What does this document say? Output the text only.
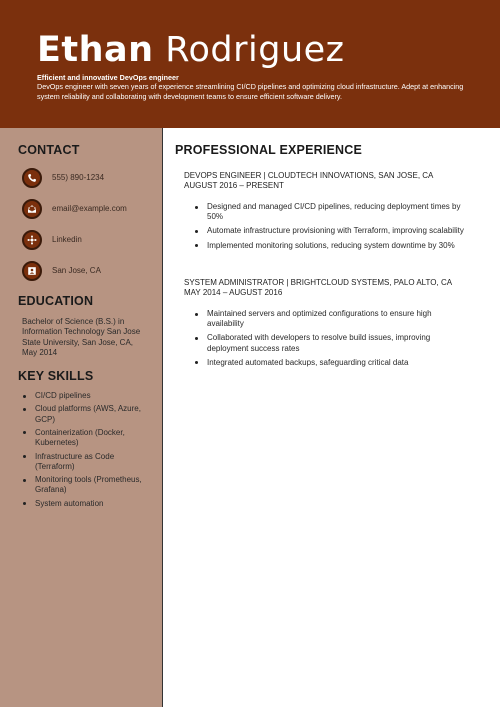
Ethan Rodriguez
Efficient and innovative DevOps engineer
DevOps engineer with seven years of experience streamlining CI/CD pipelines and optimizing cloud infrastructure. Adept at enhancing system reliability and collaborating with development teams to ensure efficient software delivery.
CONTACT
555) 890-1234
email@example.com
Linkedin
San Jose, CA
EDUCATION
Bachelor of Science (B.S.) in Information Technology San Jose State University, San Jose, CA, May 2014
KEY SKILLS
CI/CD pipelines
Cloud platforms (AWS, Azure, GCP)
Containerization (Docker, Kubernetes)
Infrastructure as Code (Terraform)
Monitoring tools (Prometheus, Grafana)
System automation
PROFESSIONAL EXPERIENCE
DEVOPS ENGINEER | CLOUDTECH INNOVATIONS, SAN JOSE, CA
AUGUST 2016 – PRESENT
Designed and managed CI/CD pipelines, reducing deployment times by 50%
Automate infrastructure provisioning with Terraform, improving scalability
Implemented monitoring solutions, reducing system downtime by 30%
SYSTEM ADMINISTRATOR | BRIGHTCLOUD SYSTEMS, PALO ALTO, CA
MAY 2014 – AUGUST 2016
Maintained servers and optimized configurations to ensure high availability
Collaborated with developers to resolve build issues, improving deployment success rates
Integrated automated backups, safeguarding critical data
